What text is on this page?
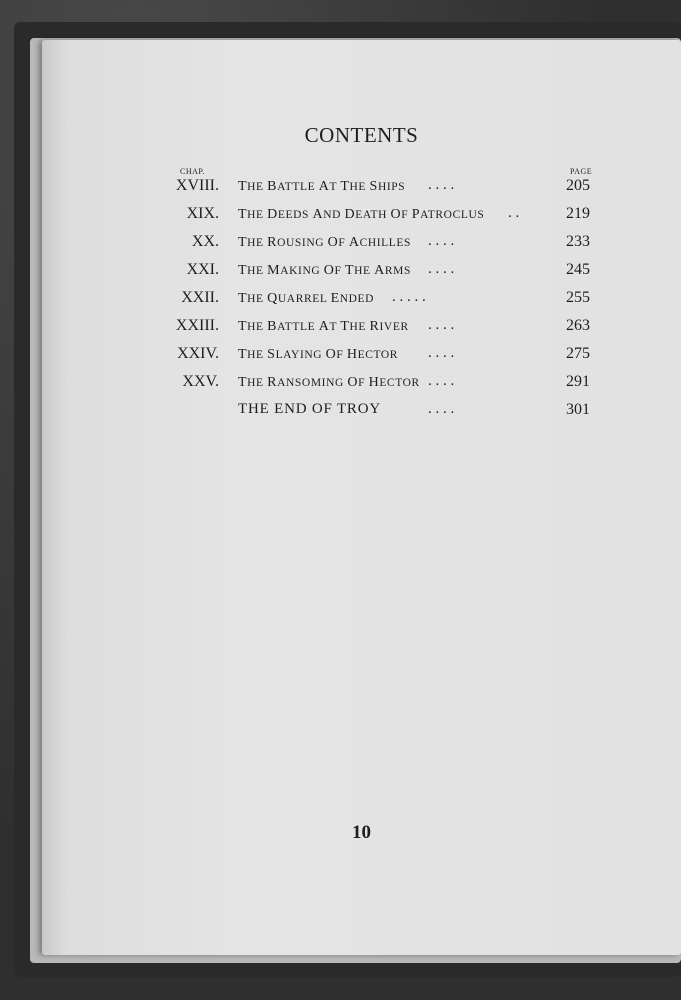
CONTENTS
CHAP.	PAGE
XVIII. THE BATTLE AT THE SHIPS . . . .	205
XIX. THE DEEDS AND DEATH OF PATROCLUS . .	219
XX. THE ROUSING OF ACHILLES . . . .	233
XXI. THE MAKING OF THE ARMS . . . .	245
XXII. THE QUARREL ENDED . . . . .	255
XXIII. THE BATTLE AT THE RIVER . . . .	263
XXIV. THE SLAYING OF HECTOR . . . .	275
XXV. THE RANSOMING OF HECTOR . . . .	291
THE END OF TROY	. . . .	301
10
